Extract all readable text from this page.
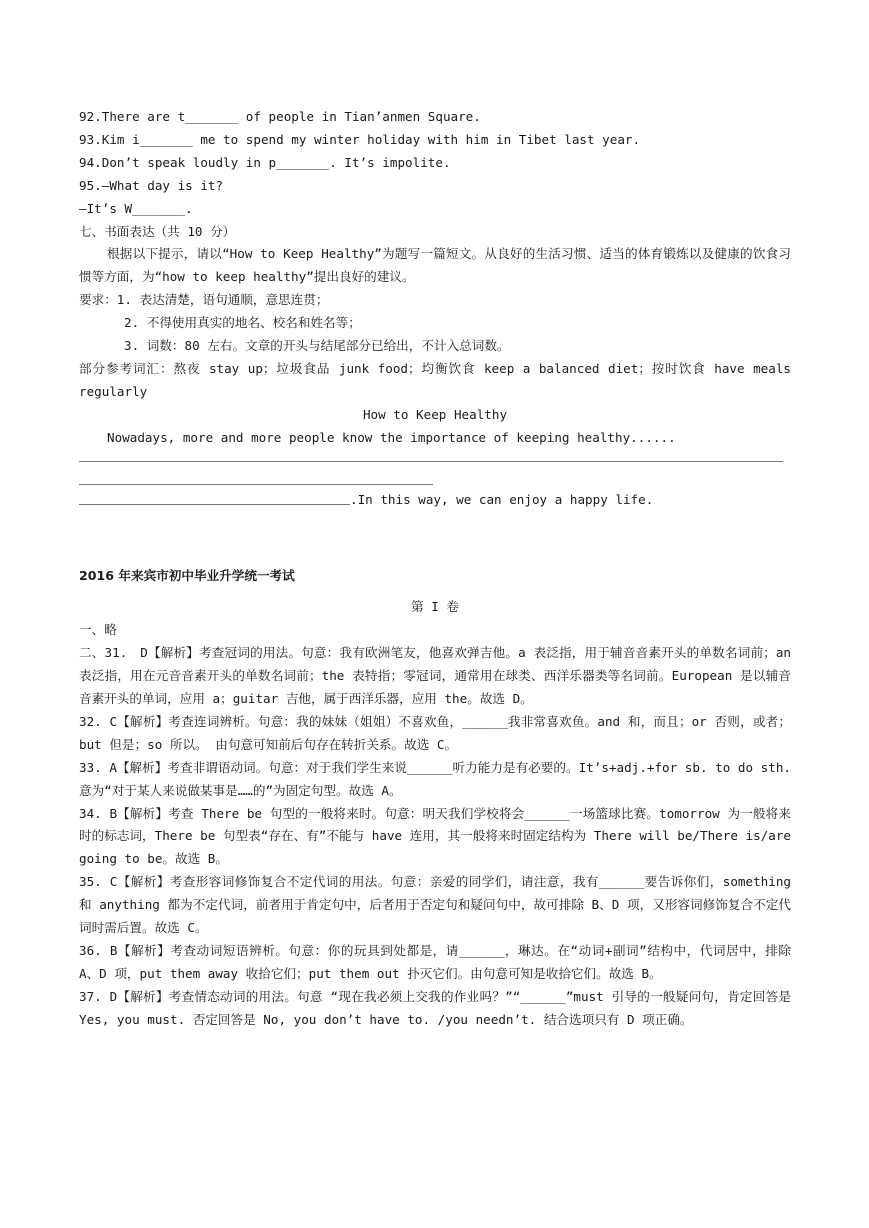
92.There are t_______ of people in Tian’anmen Square.
93.Kim i_______ me to spend my winter holiday with him in Tibet last year.
94.Don’t speak loudly in p_______. It’s impolite.
95.—What day is it?
—It’s W_______.
七、书面表达（共 10 分）
根据以下提示，请以“How to Keep Healthy”为题写一篇短文。从良好的生活习惯、适当的体育锻炼以及健康的饮食习惯等方面，为“how to keep healthy”提出良好的建议。
要求：1. 表达清楚，语句通顺，意思连贯；
2. 不得使用真实的地名、校名和姓名等；
3. 词数：80 左右。文章的开头与结尾部分已给出，不计入总词数。
部分参考词汇：熬夜 stay up；垃圾食品 junk food；均衡饮食 keep a balanced diet；按时饮食 have meals regularly
How to Keep Healthy
Nowadays, more and more people know the importance of keeping healthy......
.In this way, we can enjoy a happy life.
2016 年来宾市初中毕业升学统一考试
第 I 卷
一、略
二、31.　D【解析】考查冠词的用法。句意：我有欧洲笔友，他喜欢弹吉他。a 表泛指，用于辅音音素开头的单数名词前；an 表泛指，用在元音音素开头的单数名词前；the 表特指；零冠词，通常用在球类、西洋乐器类等名词前。European 是以辅音音素开头的单词，应用 a；guitar 吉他，属于西洋乐器，应用 the。故选 D。
32. C【解析】考查连词辨析。句意：我的妹妹（姐姐）不喜欢鱼，______我非常喜欢鱼。and 和，而且；or 否则，或者；but 但是；so 所以。 由句意可知前后句存在转折关系。故选 C。
33. A【解析】考查非谓语动词。句意：对于我们学生来说______听力能力是有必要的。It’s+adj.+for sb. to do sth.意为“对于某人来说做某事是……的”为固定句型。故选 A。
34. B【解析】考查 There be 句型的一般将来时。句意：明天我们学校将会______一场篮球比赛。tomorrow 为一般将来时的标志词，There be 句型表“存在、有”不能与 have 连用，其一般将来时固定结构为 There will be/There is/are going to be。故选 B。
35. C【解析】考查形容词修饰复合不定代词的用法。句意：亲爱的同学们，请注意，我有______要告诉你们，something 和 anything 都为不定代词，前者用于肯定句中，后者用于否定句和疑问句中，故可排除 B、D 项，又形容词修饰复合不定代词时需后置。故选 C。
36. B【解析】考查动词短语辨析。句意：你的玩具到处都是，请______，琳达。在“动词+副词”结构中，代词居中，排除 A、D 项，put them away 收拾它们；put them out 扑灭它们。由句意可知是收拾它们。故选 B。
37. D【解析】考查情态动词的用法。句意 “现在我必须上交我的作业吗？”“______”must 引导的一般疑问句，肯定回答是 Yes, you must. 否定回答是 No, you don’t have to. /you needn’t. 结合选项只有 D 项正确。
